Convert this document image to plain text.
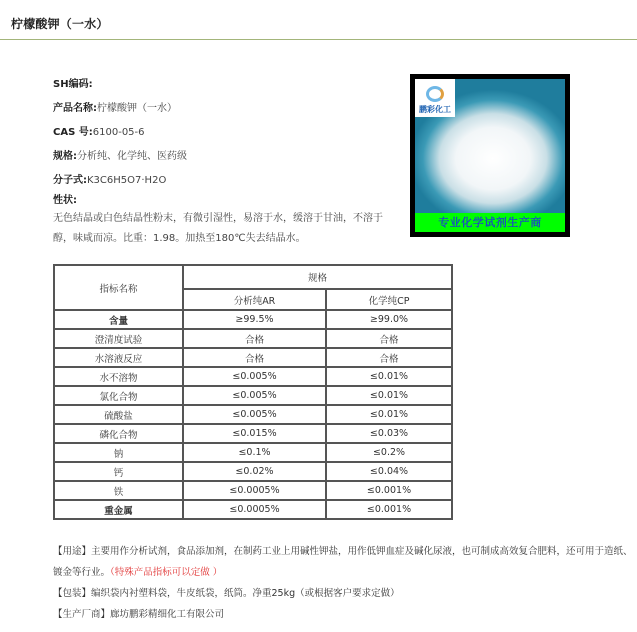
柠檬酸钾（一水）
SH编码:
产品名称:柠檬酸钾（一水）
CAS 号:6100-05-6
规格:分析纯、化学纯、医药级
分子式:K3C6H5O7·H2O
性状:
无色结晶或白色结晶性粉末，有微引湿性，易溶于水，缓溶于甘油，不溶于醇，味咸而凉。比重：1.98。加热至180℃失去结晶水。
鹏彩化工
专业化学试剂生产商
指标名称	规格	
	分析纯AR	化学纯CP
含量	≥99.5%	≥99.0%
澄清度试验	合格	合格
水溶液反应	合格	合格
水不溶物	≤0.005%	≤0.01%
氯化合物	≤0.005%	≤0.01%
硫酸盐	≤0.005%	≤0.01%
磷化合物	≤0.015%	≤0.03%
钠	≤0.1%	≤0.2%
钙	≤0.02%	≤0.04%
铁	≤0.0005%	≤0.001%
重金属	≤0.0005%	≤0.001%
【用途】主要用作分析试剂，食品添加剂，在制药工业上用碱性钾盐，用作低钾血症及碱化尿液，也可制成高效复合肥料，还可用于造纸、镀金等行业。（特殊产品指标可以定做 ）
【包装】编织袋内衬塑料袋，牛皮纸袋，纸筒。净重25kg（或根据客户要求定做）
【生产厂商】廊坊鹏彩精细化工有限公司
